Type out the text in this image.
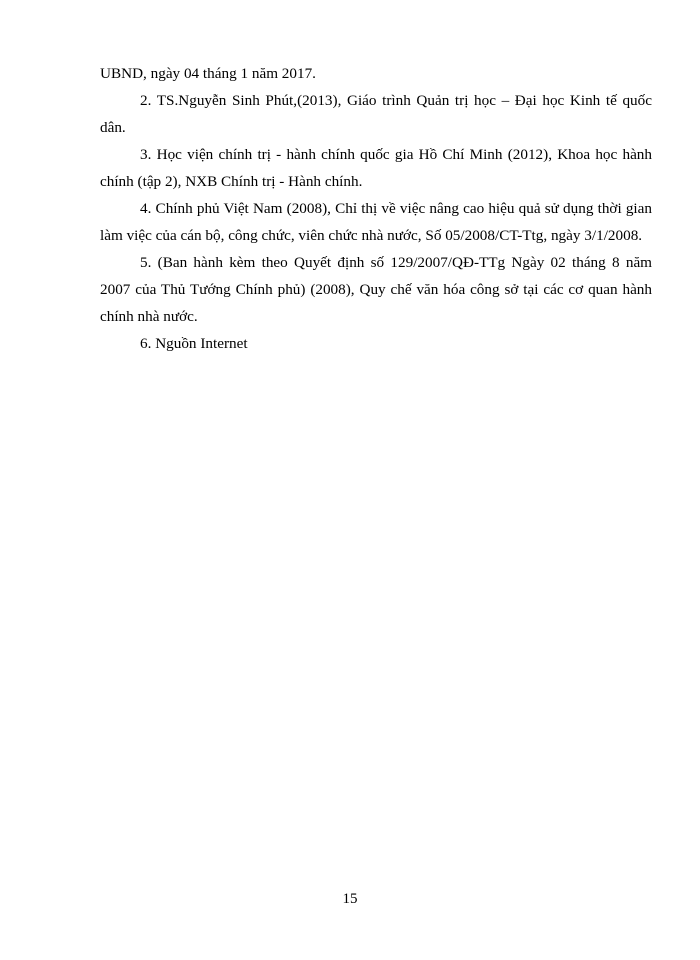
UBND, ngày 04 tháng 1 năm 2017.

2. TS.Nguyễn Sinh Phút,(2013), Giáo trình Quản trị học – Đại học Kinh tế quốc dân.

3. Học viện chính trị - hành chính quốc gia Hồ Chí Minh (2012), Khoa học hành chính (tập 2), NXB Chính trị - Hành chính.

4. Chính phủ Việt Nam (2008), Chỉ thị về việc nâng cao hiệu quả sử dụng thời gian làm việc của cán bộ, công chức, viên chức nhà nước, Số 05/2008/CT-Ttg, ngày 3/1/2008.

5. (Ban hành kèm theo Quyết định số 129/2007/QĐ-TTg Ngày 02 tháng 8 năm 2007 của Thủ Tướng Chính phủ) (2008), Quy chế văn hóa công sở tại các cơ quan hành chính nhà nước.

6. Nguồn Internet

15
